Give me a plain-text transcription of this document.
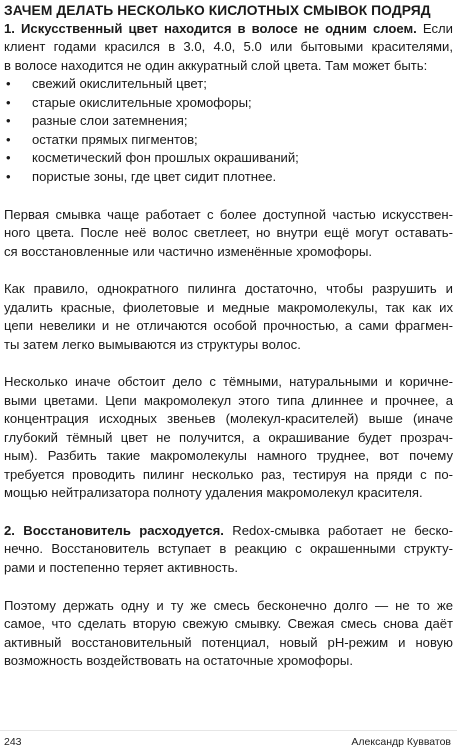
ЗАЧЕМ ДЕЛАТЬ НЕСКОЛЬКО КИСЛОТНЫХ СМЫВОК ПОДРЯД
1. Искусственный цвет находится в волосе не одним слоем. Если
клиент годами красился в 3.0, 4.0, 5.0 или бытовыми красителями,
в волосе находится не один аккуратный слой цвета. Там может быть:
• свежий окислительный цвет;
• старые окислительные хромофоры;
• разные слои затемнения;
• остатки прямых пигментов;
• косметический фон прошлых окрашиваний;
• пористые зоны, где цвет сидит плотнее.
Первая смывка чаще работает с более доступной частью искусствен-
ного цвета. После неё волос светлеет, но внутри ещё могут оставать-
ся восстановленные или частично изменённые хромофоры.
Как правило, однократного пилинга достаточно, чтобы разрушить и
удалить красные, фиолетовые и медные макромолекулы, так как их
цепи невелики и не отличаются особой прочностью, а сами фрагмен-
ты затем легко вымываются из структуры волос.
Несколько иначе обстоит дело с тёмными, натуральными и коричне-
выми цветами. Цепи макромолекул этого типа длиннее и прочнее, а
концентрация исходных звеньев (молекул-красителей) выше (иначе
глубокий тёмный цвет не получится, а окрашивание будет прозрач-
ным). Разбить такие макромолекулы намного труднее, вот почему
требуется проводить пилинг несколько раз, тестируя на пряди с по-
мощью нейтрализатора полноту удаления макромолекул красителя.
2. Восстановитель расходуется. Redox-смывка работает не беско-
нечно. Восстановитель вступает в реакцию с окрашенными структу-
рами и постепенно теряет активность.
Поэтому держать одну и ту же смесь бесконечно долго — не то же
самое, что сделать вторую свежую смывку. Свежая смесь снова даёт
активный восстановительный потенциал, новый pH-режим и новую
возможность воздействовать на остаточные хромофоры.
243	Александр Кувватов
